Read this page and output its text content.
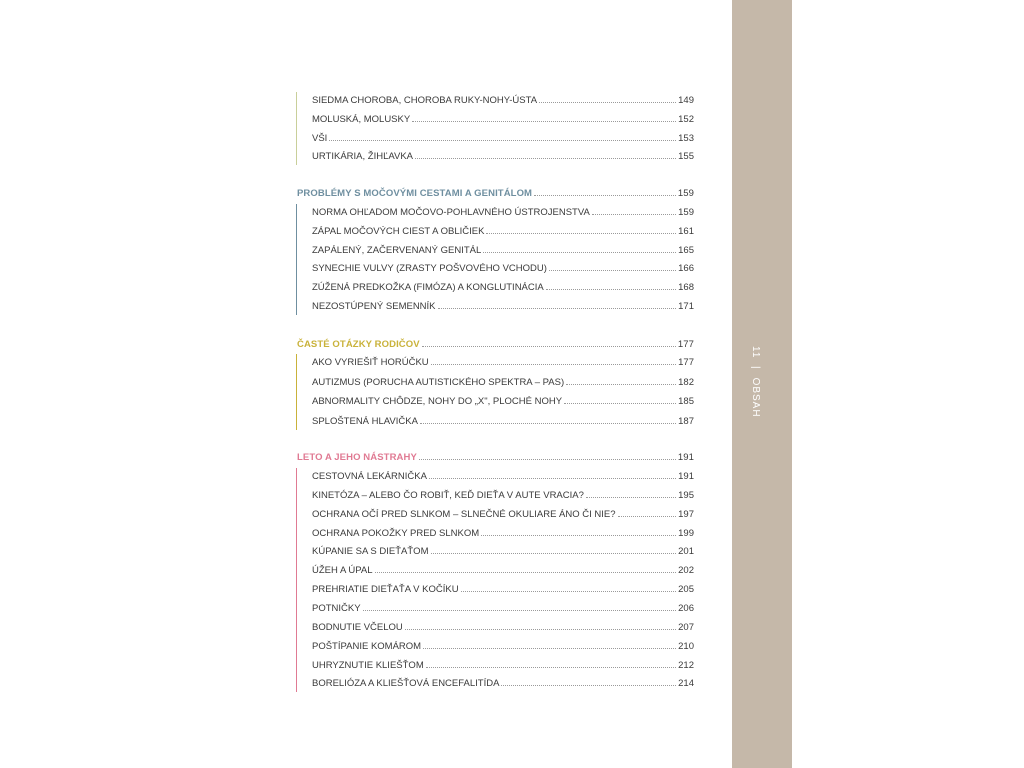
11 | OBSAH
SIEDMA CHOROBA, CHOROBA RUKY-NOHY-ÚSTA	149
MOLUSKÁ, MOLUSKY	152
VŠI	153
URTIKÁRIA, ŽIHĽAVKA	155
PROBLÉMY S MOČOVÝMI CESTAMI A GENITÁLOM	159
NORMA OHĽADOM MOČOVO-POHLAVNÉHO ÚSTROJENSTVA	159
ZÁPAL MOČOVÝCH CIEST A OBLIČIEK	161
ZAPÁLENÝ, ZAČERVENANÝ GENITÁL	165
SYNECHIE VULVY (ZRASTY POŠVOVÉHO VCHODU)	166
ZÚŽENÁ PREDKOŽKA (FIMÓZA) A KONGLUTINÁCIA	168
NEZOSTÚPENÝ SEMENNÍK	171
ČASTÉ OTÁZKY RODIČOV	177
AKO VYRIEŠIŤ HORÚČKU	177
AUTIZMUS (PORUCHA AUTISTICKÉHO SPEKTRA – PAS)	182
ABNORMALITY CHÔDZE, NOHY DO „X", PLOCHÉ NOHY	185
SPLOŠTENÁ HLAVIČKA	187
LETO A JEHO NÁSTRAHY	191
CESTOVNÁ LEKÁRNIČKA	191
KINETÓZA – ALEBO ČO ROBIŤ, KEĎ DIEŤA V AUTE VRACIA?	195
OCHRANA OČÍ PRED SLNKOM – SLNEČNÉ OKULIARE ÁNO ČI NIE?	197
OCHRANA POKOŽKY PRED SLNKOM	199
KÚPANIE SA S DIEŤAŤOM	201
ÚŽEH A ÚPAL	202
PREHRIATIE DIEŤAŤA V KOČÍKU	205
POTNIČKY	206
BODNUTIE VČELOU	207
POŠTÍPANIE KOMÁROM	210
UHRYZNUTIE KLIEŠŤOM	212
BORELIÓZA A KLIEŠŤOVÁ ENCEFALITÍDA	214
